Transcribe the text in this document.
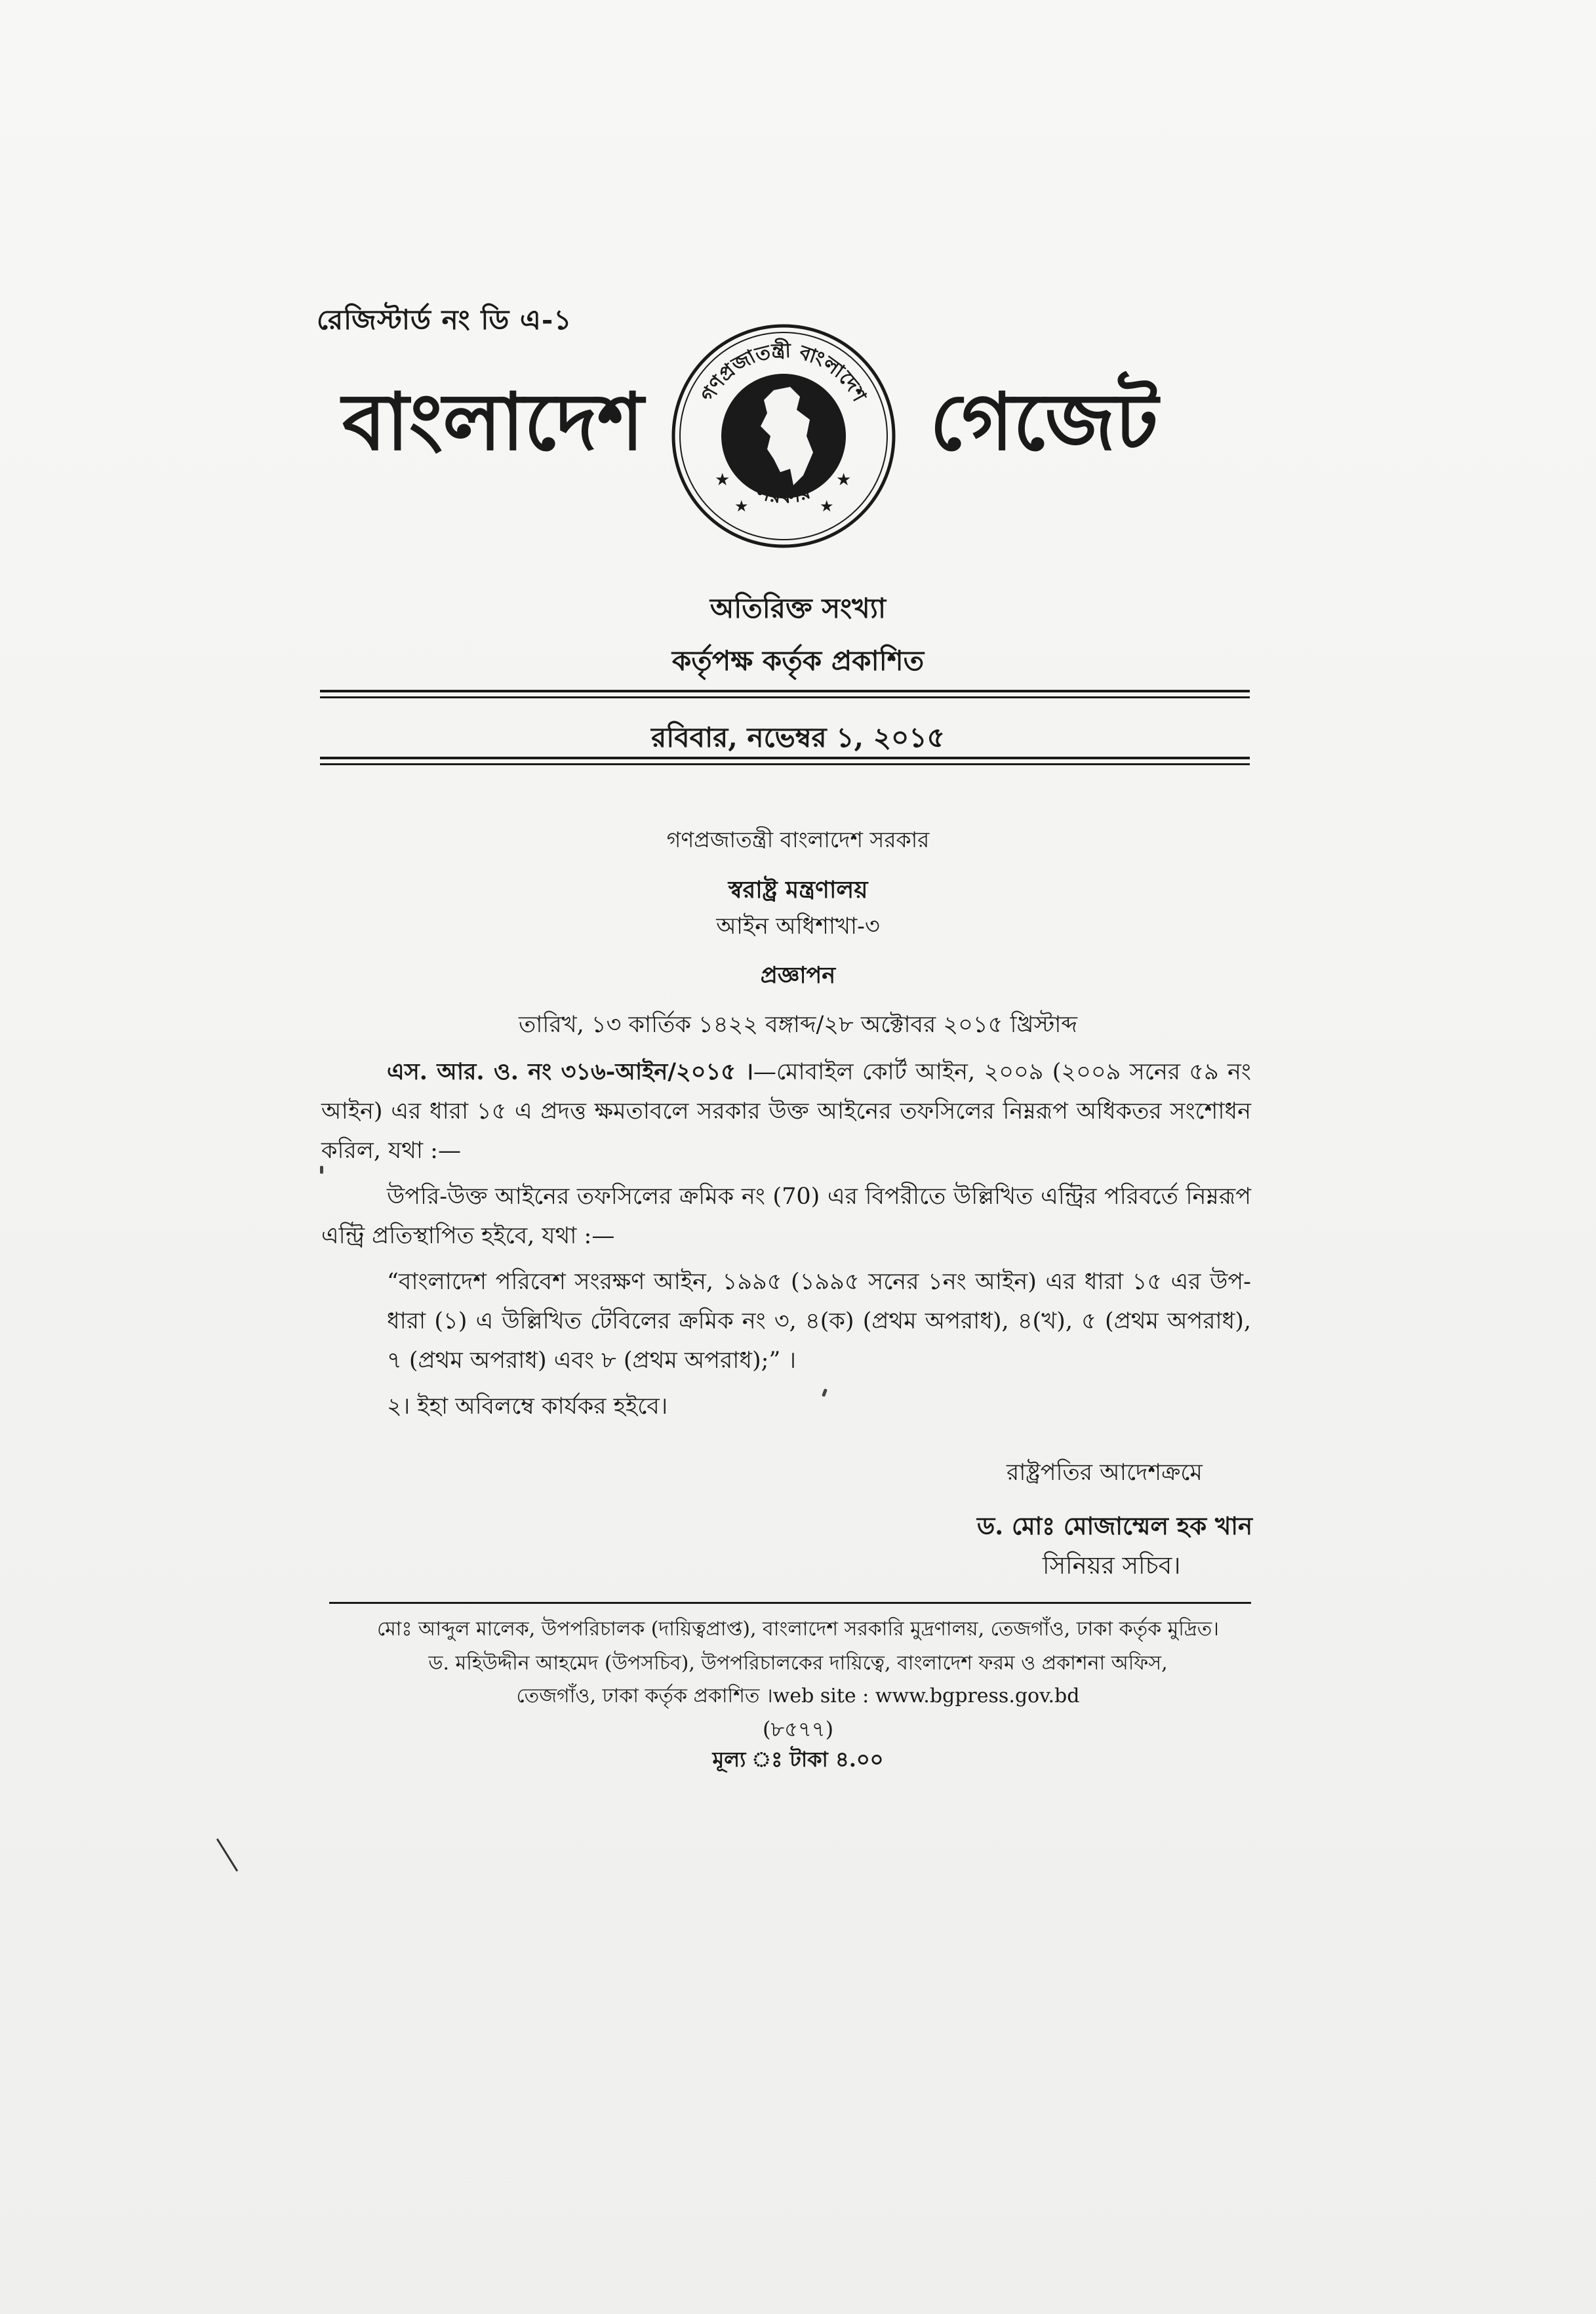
রেজিস্টার্ড নং ডি এ-১
বাংলাদেশ	গণপ্রজাতন্ত্রী বাংলাদেশ
সরকার
★	★
★	★
গেজেট
অতিরিক্ত সংখ্যা
কর্তৃপক্ষ কর্তৃক প্রকাশিত
রবিবার, নভেম্বর ১, ২০১৫
গণপ্রজাতন্ত্রী বাংলাদেশ সরকার
স্বরাষ্ট্র মন্ত্রণালয়
আইন অধিশাখা-৩
প্রজ্ঞাপন
তারিখ, ১৩ কার্তিক ১৪২২ বঙ্গাব্দ/২৮ অক্টোবর ২০১৫ খ্রিস্টাব্দ
এস. আর. ও. নং ৩১৬-আইন/২০১৫ ।—মোবাইল কোর্ট আইন, ২০০৯ (২০০৯ সনের ৫৯ নং আইন) এর ধারা ১৫ এ প্রদত্ত ক্ষমতাবলে সরকার উক্ত আইনের তফসিলের নিম্নরূপ অধিকতর সংশোধন করিল, যথা :—
উপরি-উক্ত আইনের তফসিলের ক্রমিক নং (70) এর বিপরীতে উল্লিখিত এন্ট্রির পরিবর্তে নিম্নরূপ এন্ট্রি প্রতিস্থাপিত হইবে, যথা :—
“বাংলাদেশ পরিবেশ সংরক্ষণ আইন, ১৯৯৫ (১৯৯৫ সনের ১নং আইন) এর ধারা ১৫ এর উপ-ধারা (১) এ উল্লিখিত টেবিলের ক্রমিক নং ৩, ৪(ক) (প্রথম অপরাধ), ৪(খ), ৫ (প্রথম অপরাধ), ৭ (প্রথম অপরাধ) এবং ৮ (প্রথম অপরাধ);” ।
২। ইহা অবিলম্বে কার্যকর হইবে।
রাষ্ট্রপতির আদেশক্রমে
ড. মোঃ মোজাম্মেল হক খান
সিনিয়র সচিব।
মোঃ আব্দুল মালেক, উপপরিচালক (দায়িত্বপ্রাপ্ত), বাংলাদেশ সরকারি মুদ্রণালয়, তেজগাঁও, ঢাকা কর্তৃক মুদ্রিত।
ড. মহিউদ্দীন আহমেদ (উপসচিব), উপপরিচালকের দায়িত্বে, বাংলাদেশ ফরম ও প্রকাশনা অফিস,
তেজগাঁও, ঢাকা কর্তৃক প্রকাশিত ।web site : www.bgpress.gov.bd
(৮৫৭৭)
মূল্য ঃ টাকা ৪.০০
